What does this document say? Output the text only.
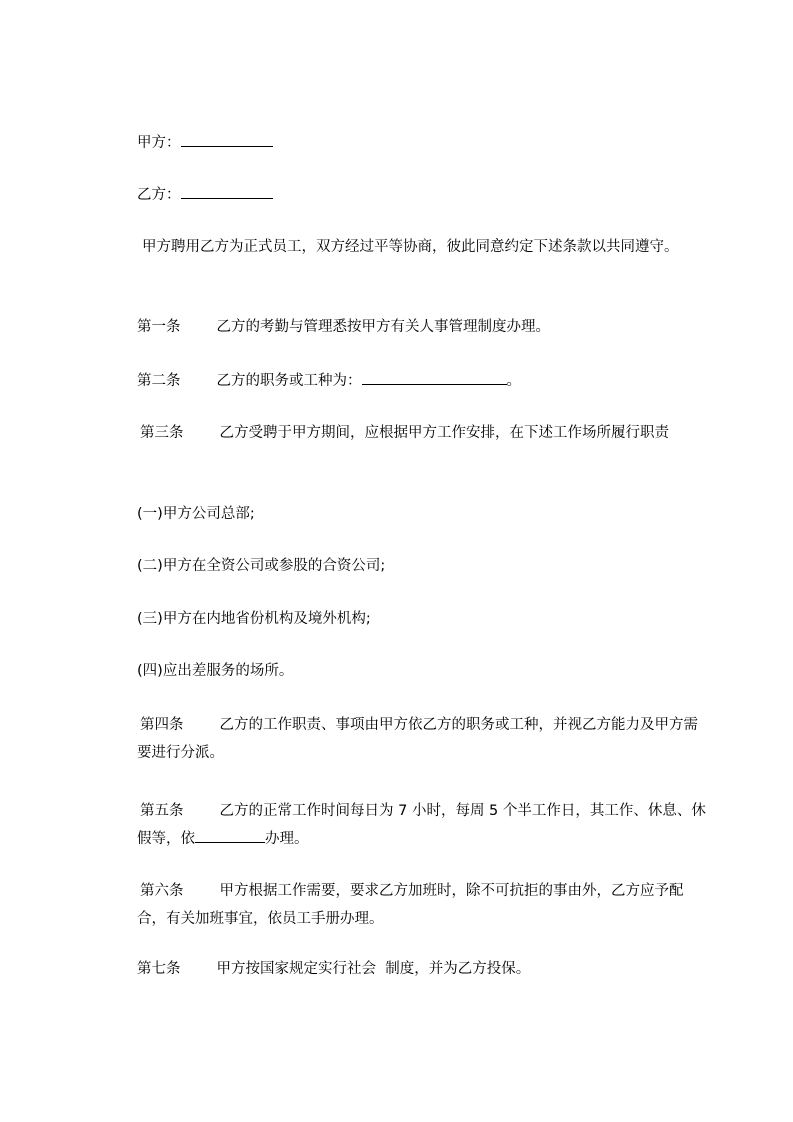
甲方：
乙方：
甲方聘用乙方为正式员工，双方经过平等协商，彼此同意约定下述条款以共同遵守。
第一条 乙方的考勤与管理悉按甲方有关人事管理制度办理。
第二条 乙方的职务或工种为：	。
第三条 乙方受聘于甲方期间，应根据甲方工作安排，在下述工作场所履行职责
(一)甲方公司总部;
(二)甲方在全资公司或参股的合资公司;
(三)甲方在内地省份机构及境外机构;
(四)应出差服务的场所。
第四条 乙方的工作职责、事项由甲方依乙方的职务或工种，并视乙方能力及甲方需要进行分派。
第五条 乙方的正常工作时间每日为 7 小时，每周 5 个半工作日，其工作、休息、休假等，依	办理。
第六条 甲方根据工作需要，要求乙方加班时，除不可抗拒的事由外，乙方应予配合，有关加班事宜，依员工手册办理。
第七条 甲方按国家规定实行社会  制度，并为乙方投保。
